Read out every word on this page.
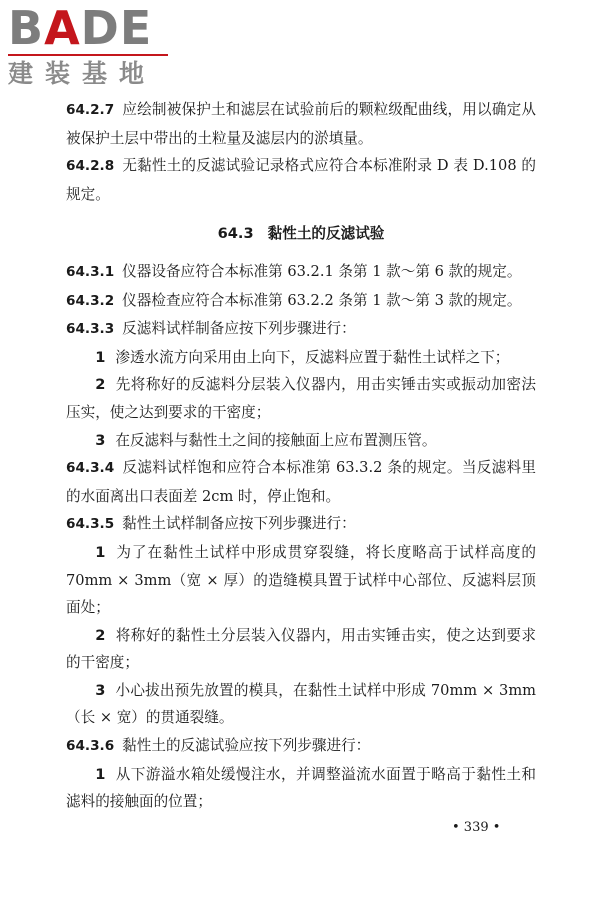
BADE
建装基地

64.2.7 应绘制被保护土和滤层在试验前后的颗粒级配曲线，用以确定从被保护土层中带出的土粒量及滤层内的淤填量。

64.2.8 无黏性土的反滤试验记录格式应符合本标准附录 D 表 D.108 的规定。

64.3 黏性土的反滤试验

64.3.1 仪器设备应符合本标准第 63.2.1 条第 1 款～第 6 款的规定。

64.3.2 仪器检查应符合本标准第 63.2.2 条第 1 款～第 3 款的规定。

64.3.3 反滤料试样制备应按下列步骤进行：

1 渗透水流方向采用由上向下，反滤料应置于黏性土试样之下；

2 先将称好的反滤料分层装入仪器内，用击实锤击实或振动加密法压实，使之达到要求的干密度；

3 在反滤料与黏性土之间的接触面上应布置测压管。

64.3.4 反滤料试样饱和应符合本标准第 63.3.2 条的规定。当反滤料里的水面离出口表面差 2cm 时，停止饱和。

64.3.5 黏性土试样制备应按下列步骤进行：

1 为了在黏性土试样中形成贯穿裂缝，将长度略高于试样高度的 70mm × 3mm（宽 × 厚）的造缝模具置于试样中心部位、反滤料层顶面处；

2 将称好的黏性土分层装入仪器内，用击实锤击实，使之达到要求的干密度；

3 小心拔出预先放置的模具，在黏性土试样中形成 70mm × 3mm（长 × 宽）的贯通裂缝。

64.3.6 黏性土的反滤试验应按下列步骤进行：

1 从下游溢水箱处缓慢注水，并调整溢流水面置于略高于黏性土和滤料的接触面的位置；

• 339 •
